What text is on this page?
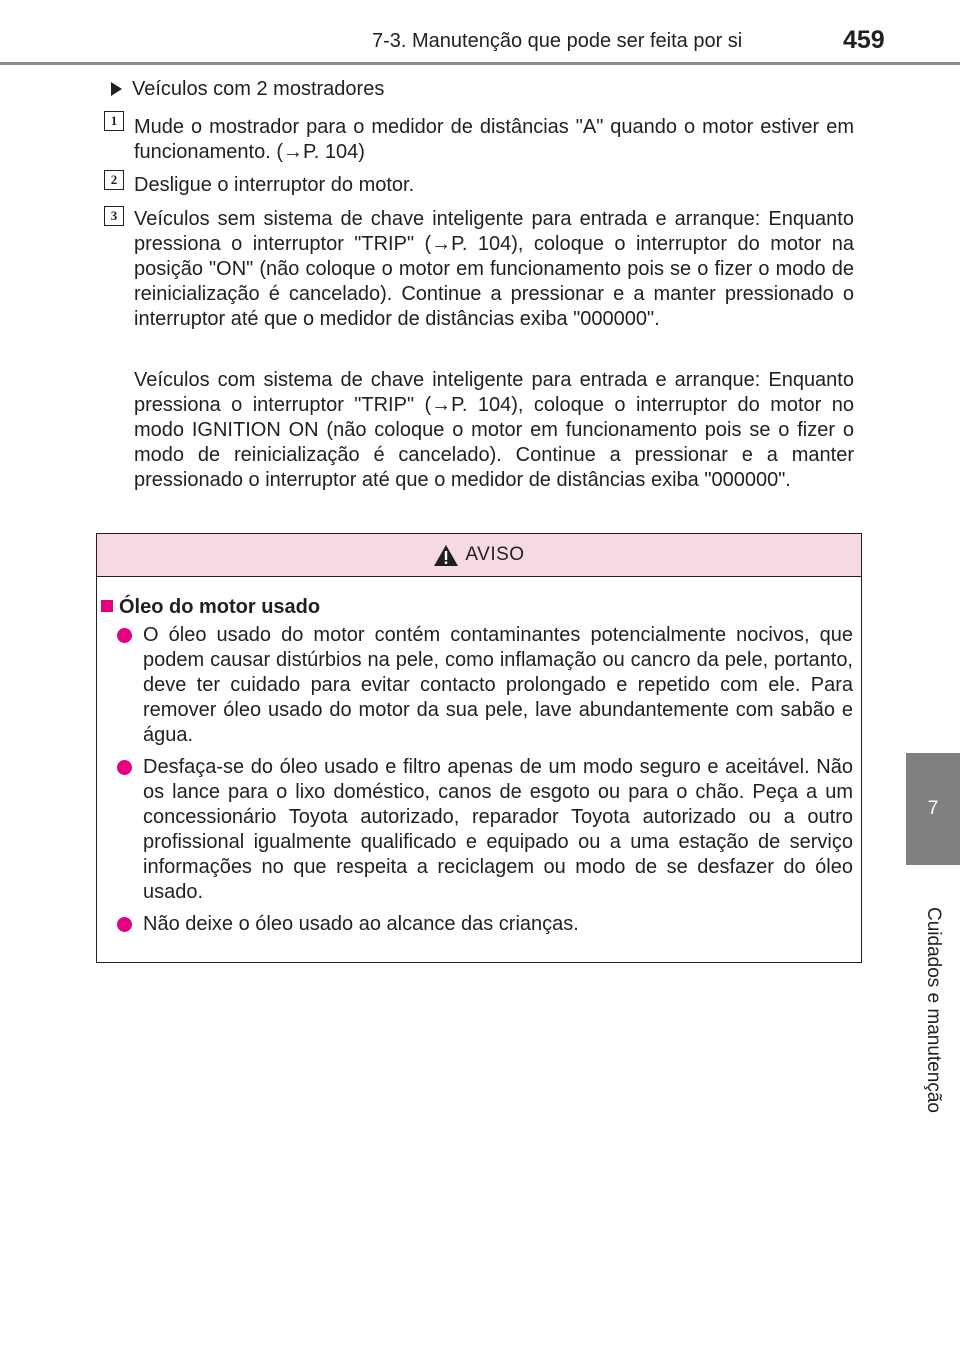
7-3. Manutenção que pode ser feita por si	459
7
Cuidados e manutenção
Veículos com 2 mostradores
1 Mude o mostrador para o medidor de distâncias "A" quando o motor estiver em funcionamento. (→P. 104)

2 Desligue o interruptor do motor.

3 Veículos sem sistema de chave inteligente para entrada e arranque: Enquanto pressiona o interruptor "TRIP" (→P. 104), coloque o interruptor do motor na posição "ON" (não coloque o motor em funcionamento pois se o fizer o modo de reinicialização é cancelado). Continue a pressionar e a manter pressionado o interruptor até que o medidor de distâncias exiba "000000".

Veículos com sistema de chave inteligente para entrada e arranque: Enquanto pressiona o interruptor "TRIP" (→P. 104), coloque o interruptor do motor no modo IGNITION ON (não coloque o motor em funcionamento pois se o fizer o modo de reinicialização é cancelado). Continue a pressionar e a manter pressionado o interruptor até que o medidor de distâncias exiba "000000".

AVISO
Óleo do motor usado

O óleo usado do motor contém contaminantes potencialmente nocivos, que podem causar distúrbios na pele, como inflamação ou cancro da pele, portanto, deve ter cuidado para evitar contacto prolongado e repetido com ele. Para remover óleo usado do motor da sua pele, lave abundantemente com sabão e água.

Desfaça-se do óleo usado e filtro apenas de um modo seguro e aceitável. Não os lance para o lixo doméstico, canos de esgoto ou para o chão. Peça a um concessionário Toyota autorizado, reparador Toyota autorizado ou a outro profissional igualmente qualificado e equipado ou a uma estação de serviço informações no que respeita a reciclagem ou modo de se desfazer do óleo usado.

Não deixe o óleo usado ao alcance das crianças.
